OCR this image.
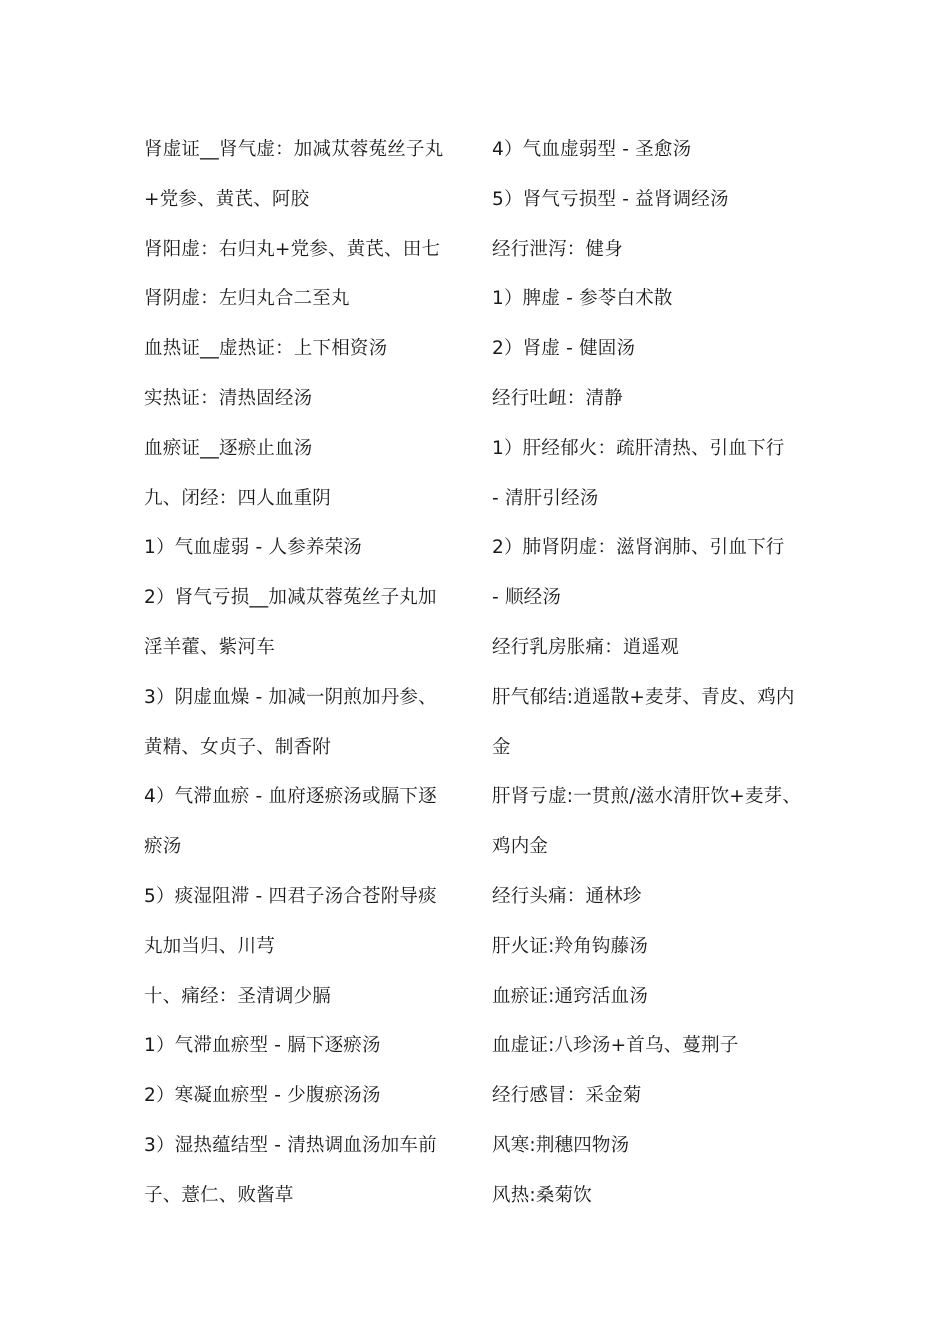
肾虚证__肾气虚：加减苁蓉菟丝子丸
+党参、黄芪、阿胶
肾阳虚：右归丸+党参、黄芪、田七
肾阴虚：左归丸合二至丸
血热证__虚热证：上下相资汤
实热证：清热固经汤
血瘀证__逐瘀止血汤
九、闭经：四人血重阴
1）气血虚弱 - 人参养荣汤
2）肾气亏损__加减苁蓉菟丝子丸加
淫羊藿、紫河车
3）阴虚血燥 - 加减一阴煎加丹参、
黄精、女贞子、制香附
4）气滞血瘀 - 血府逐瘀汤或膈下逐
瘀汤
5）痰湿阻滞 - 四君子汤合苍附导痰
丸加当归、川芎
十、痛经：圣清调少膈
1）气滞血瘀型 - 膈下逐瘀汤
2）寒凝血瘀型 - 少腹瘀汤汤
3）湿热蕴结型 - 清热调血汤加车前
子、薏仁、败酱草
4）气血虚弱型 - 圣愈汤
5）肾气亏损型 - 益肾调经汤
经行泄泻：健身
1）脾虚 - 参苓白术散
2）肾虚 - 健固汤
经行吐衄：清静
1）肝经郁火：疏肝清热、引血下行
- 清肝引经汤
2）肺肾阴虚：滋肾润肺、引血下行
- 顺经汤
经行乳房胀痛：逍遥观
肝气郁结:逍遥散+麦芽、青皮、鸡内
金
肝肾亏虚:一贯煎/滋水清肝饮+麦芽、
鸡内金
经行头痛：通林珍
肝火证:羚角钩藤汤
血瘀证:通窍活血汤
血虚证:八珍汤+首乌、蔓荆子
经行感冒：采金菊
风寒:荆穗四物汤
风热:桑菊饮
